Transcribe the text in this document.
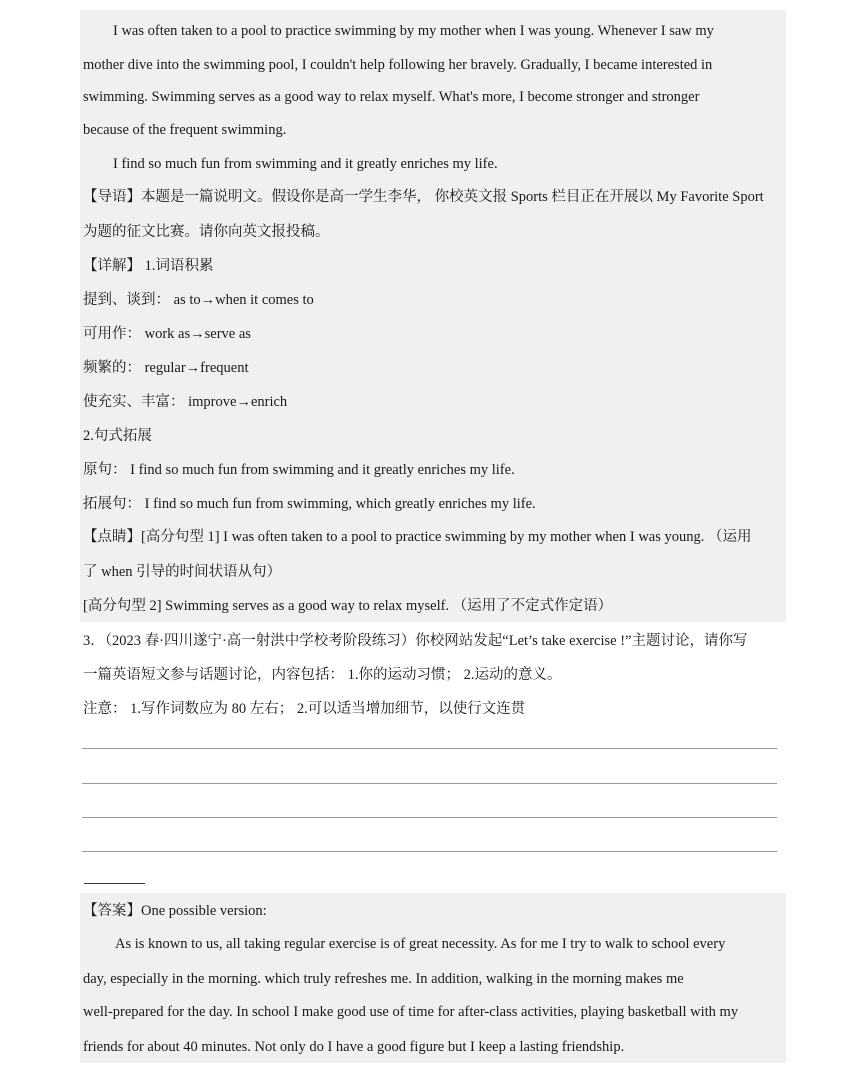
I was often taken to a pool to practice swimming by my mother when I was young. Whenever I saw my
mother dive into the swimming pool, I couldn't help following her bravely. Gradually, I became interested in
swimming. Swimming serves as a good way to relax myself. What's more, I become stronger and stronger
because of the frequent swimming.
I find so much fun from swimming and it greatly enriches my life.
【导语】本题是一篇说明文。假设你是高一学生李华， 你校英文报 Sports 栏目正在开展以 My Favorite Sport
为题的征文比赛。请你向英文报投稿。
【详解】 1.词语积累
提到、谈到： as to→when it comes to
可用作： work as→serve as
频繁的： regular→frequent
使充实、丰富： improve→enrich
2.句式拓展
原句： I find so much fun from swimming and it greatly enriches my life.
拓展句： I find so much fun from swimming, which greatly enriches my life.
【点睛】[高分句型 1] I was often taken to a pool to practice swimming by my mother when I was young. （运用
了 when 引导的时间状语从句）
[高分句型 2] Swimming serves as a good way to relax myself. （运用了不定式作定语）
3．（2023 春·四川遂宁·高一射洪中学校考阶段练习）你校网站发起“Let’s take exercise !”主题讨论，请你写
一篇英语短文参与话题讨论，内容包括： 1.你的运动习惯； 2.运动的意义。
注意： 1.写作词数应为 80 左右； 2.可以适当增加细节，以使行文连贯
【答案】One possible version:
As is known to us, all taking regular exercise is of great necessity. As for me I try to walk to school every
day, especially in the morning. which truly refreshes me. In addition, walking in the morning makes me
well-prepared for the day. In school I make good use of time for after-class activities, playing basketball with my
friends for about 40 minutes. Not only do I have a good figure but I keep a lasting friendship.
